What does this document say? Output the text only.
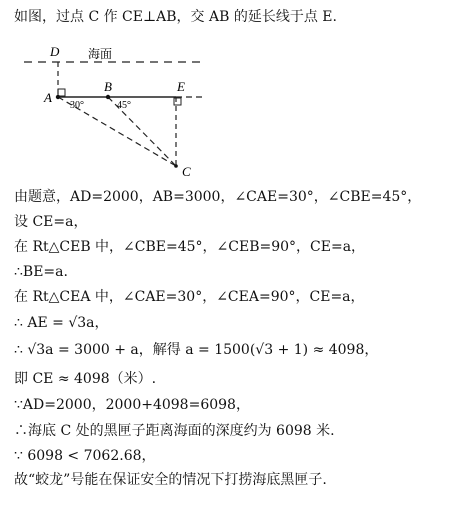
如图，过点 C 作 CE⊥AB，交 AB 的延长线于点 E.
海面
D
A
B	E
C
30°	45°
由题意，AD=2000，AB=3000，∠CAE=30°，∠CBE=45°，
设 CE=a，
在 Rt△CEB 中，∠CBE=45°，∠CEB=90°，CE=a，
∴BE=a.
在 Rt△CEA 中，∠CAE=30°，∠CEA=90°，CE=a，
∴ AE = √3a，
∴ √3a = 3000 + a，解得 a = 1500(√3 + 1) ≈ 4098，
即 CE ≈ 4098（米）.
∵AD=2000，2000+4098=6098，
∴海底 C 处的黑匣子距离海面的深度约为 6098 米.
∵ 6098 < 7062.68，
故“蛟龙”号能在保证安全的情况下打捞海底黑匣子.
